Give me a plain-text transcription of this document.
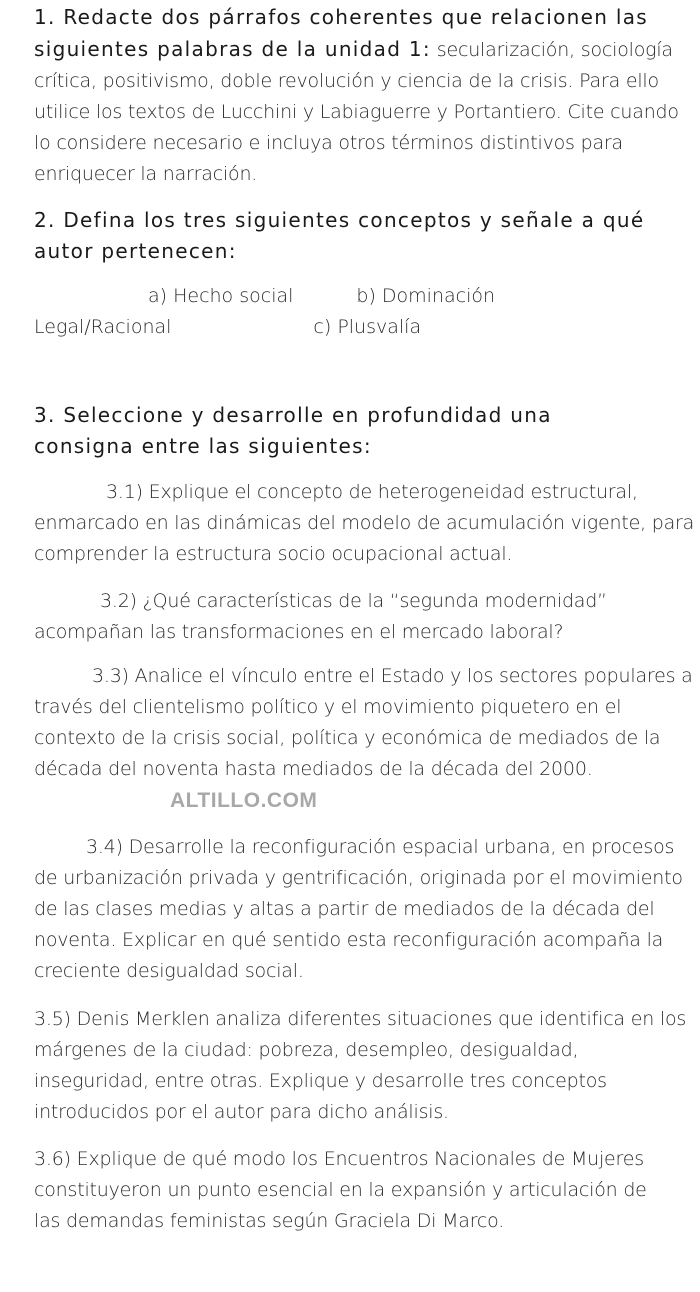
1. Redacte dos párrafos coherentes que relacionen las siguientes palabras de la unidad 1: secularización, sociología crítica, positivismo, doble revolución y ciencia de la crisis. Para ello utilice los textos de Lucchini y Labiaguerre y Portantiero. Cite cuando lo considere necesario e incluya otros términos distintivos para enriquecer la narración.

2. Defina los tres siguientes conceptos y señale a qué autor pertenecen:

a) Hecho social	b) Dominación

Legal/Racional	c) Plusvalía

3. Seleccione y desarrolle en profundidad una consigna entre las siguientes:

3.1) Explique el concepto de heterogeneidad estructural, enmarcado en las dinámicas del modelo de acumulación vigente, para comprender la estructura socio ocupacional actual.

3.2) ¿Qué características de la “segunda modernidad” acompañan las transformaciones en el mercado laboral?

3.3) Analice el vínculo entre el Estado y los sectores populares a través del clientelismo político y el movimiento piquetero en el contexto de la crisis social, política y económica de mediados de la década del noventa hasta mediados de la década del 2000.ALTILLO.COM

3.4) Desarrolle la reconfiguración espacial urbana, en procesos de urbanización privada y gentrificación, originada por el movimiento de las clases medias y altas a partir de mediados de la década del noventa. Explicar en qué sentido esta reconfiguración acompaña la creciente desigualdad social.

3.5) Denis Merklen analiza diferentes situaciones que identifica en los márgenes de la ciudad: pobreza, desempleo, desigualdad, inseguridad, entre otras. Explique y desarrolle tres conceptos introducidos por el autor para dicho análisis.

3.6) Explique de qué modo los Encuentros Nacionales de Mujeres constituyeron un punto esencial en la expansión y articulación de las demandas feministas según Graciela Di Marco.
